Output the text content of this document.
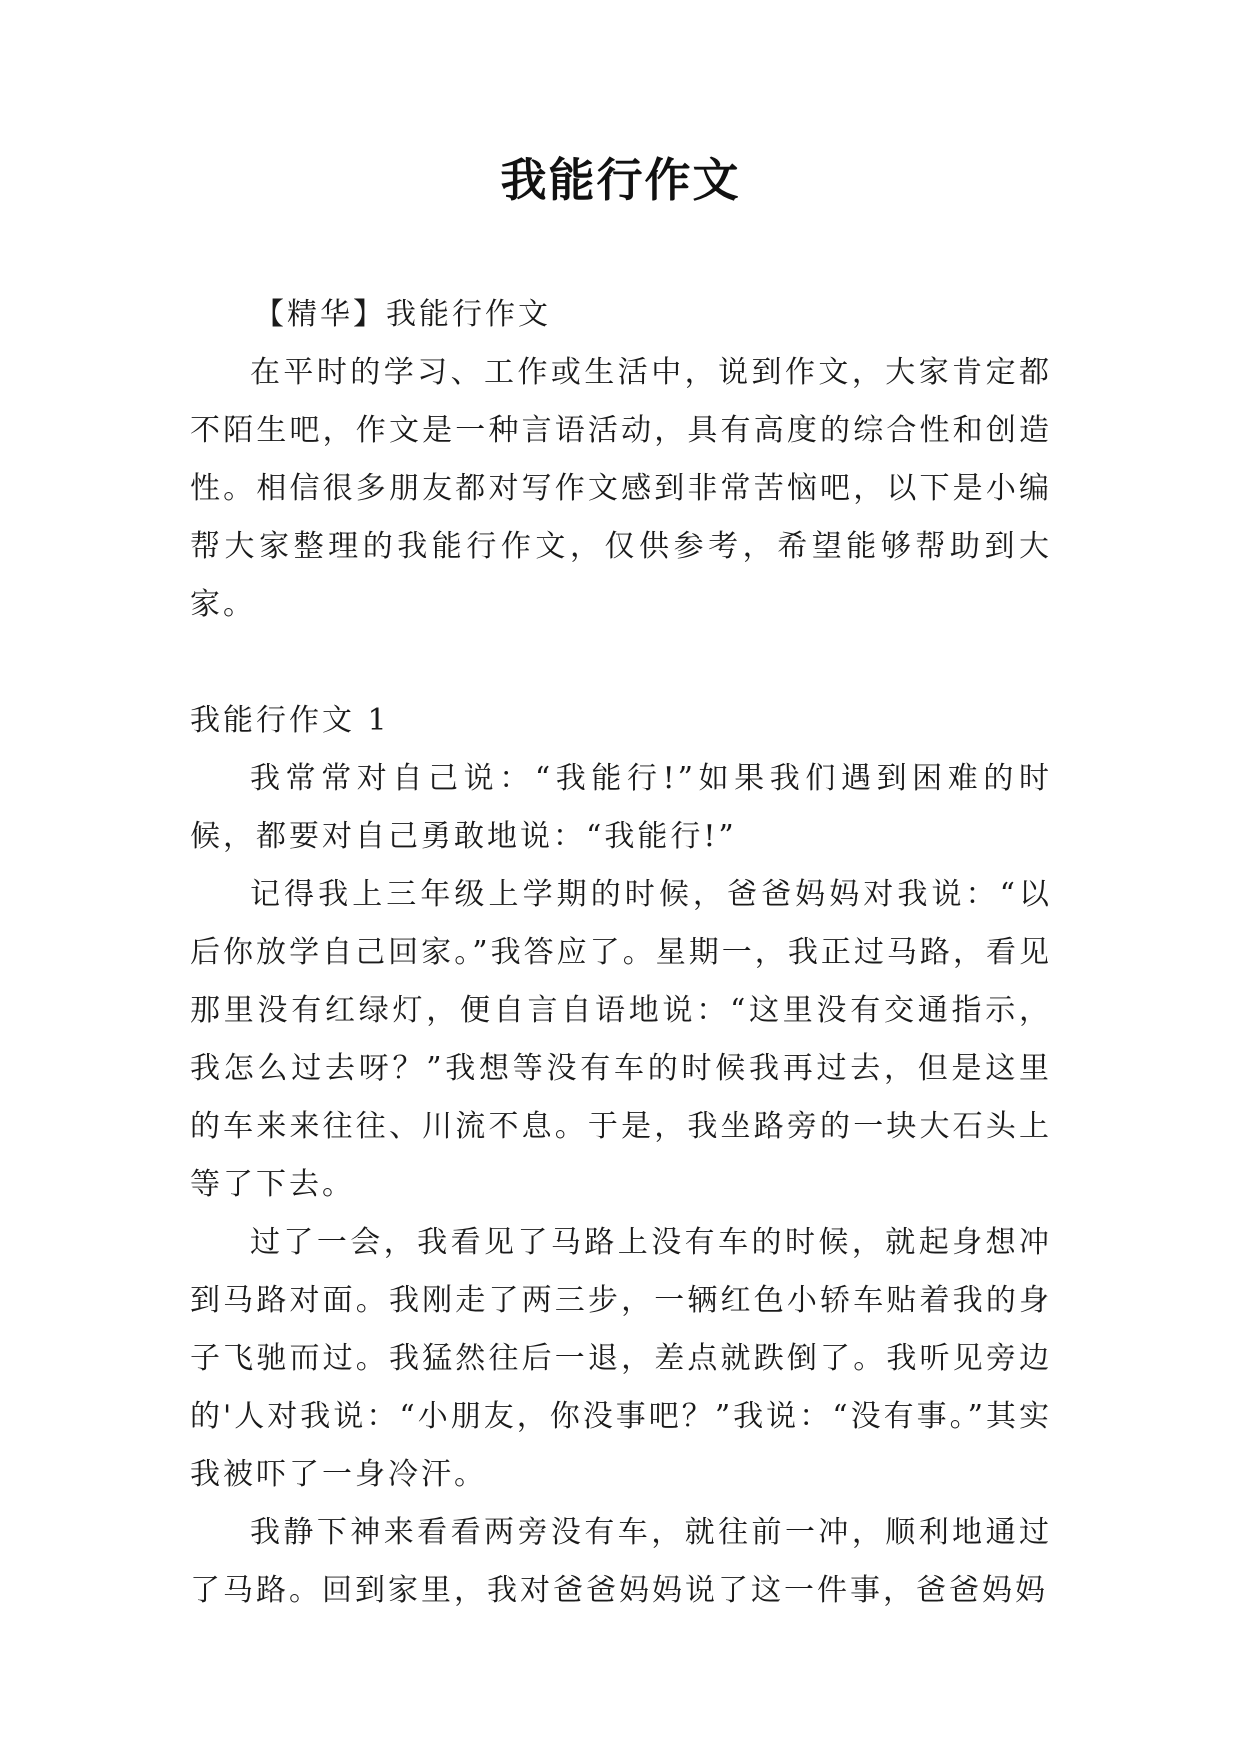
我能行作文

【精华】我能行作文

在平时的学习、工作或生活中，说到作文，大家肯定都不陌生吧，作文是一种言语活动，具有高度的综合性和创造性。相信很多朋友都对写作文感到非常苦恼吧，以下是小编帮大家整理的我能行作文，仅供参考，希望能够帮助到大家。

我能行作文 1

我常常对自己说：“我能行!”如果我们遇到困难的时候，都要对自己勇敢地说：“我能行!”

记得我上三年级上学期的时候，爸爸妈妈对我说：“以后你放学自己回家。”我答应了。星期一，我正过马路，看见那里没有红绿灯，便自言自语地说：“这里没有交通指示，我怎么过去呀？”我想等没有车的时候我再过去，但是这里的车来来往往、川流不息。于是，我坐路旁的一块大石头上等了下去。

过了一会，我看见了马路上没有车的时候，就起身想冲到马路对面。我刚走了两三步，一辆红色小轿车贴着我的身子飞驰而过。我猛然往后一退，差点就跌倒了。我听见旁边的'人对我说：“小朋友，你没事吧？”我说：“没有事。”其实我被吓了一身冷汗。

我静下神来看看两旁没有车，就往前一冲，顺利地通过了马路。回到家里，我对爸爸妈妈说了这一件事，爸爸妈妈
